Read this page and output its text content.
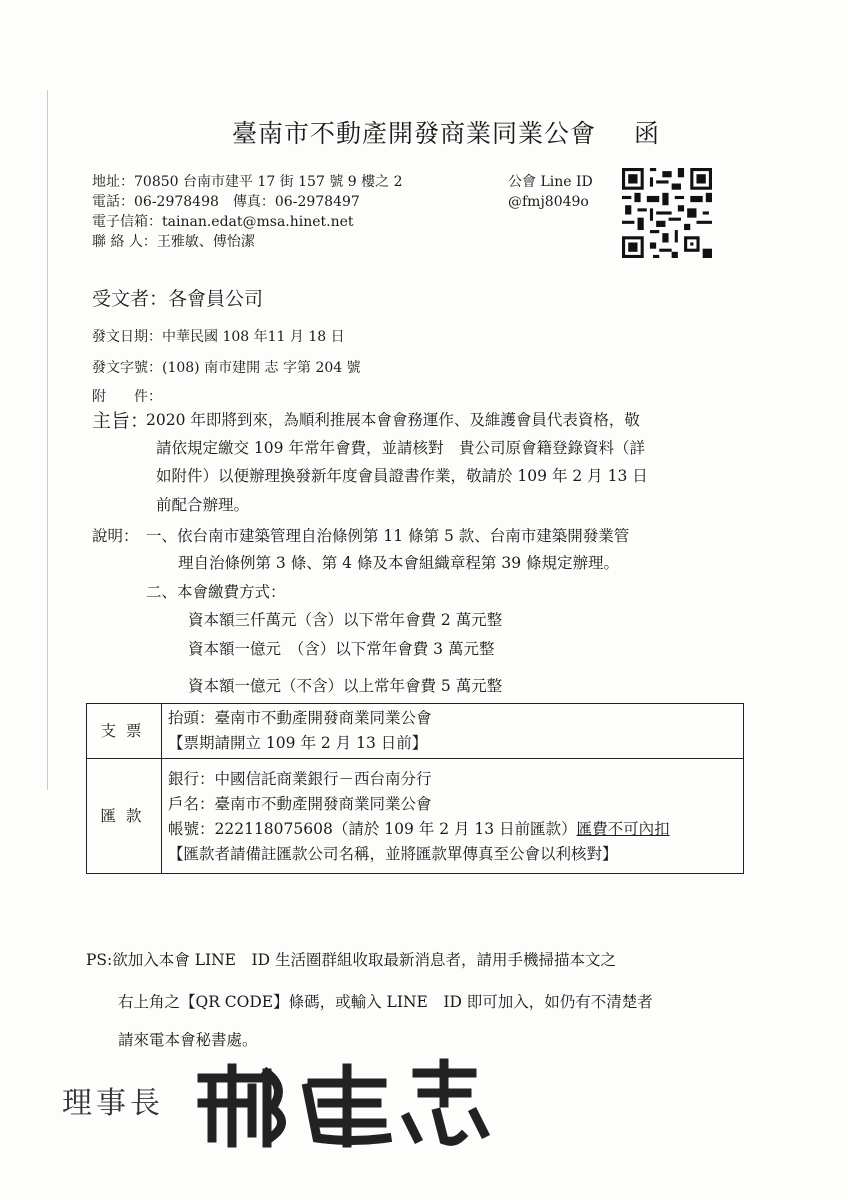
臺南市不動產開發商業同業公會 函
地址：70850 台南市建平 17 街 157 號 9 樓之 2
電話：06-2978498　傳真：06-2978497
電子信箱：tainan.edat@msa.hinet.net
聯 絡 人：王雅敏、傅怡潔
公會 Line ID
@fmj8049o
受文者：各會員公司
發文日期：中華民國 108 年11 月 18 日
發文字號：(108) 南市建開 志 字第 204 號
附　　件：
主旨：
2020 年即將到來，為順利推展本會會務運作、及維護會員代表資格，敬
請依規定繳交 109 年常年會費，並請核對　貴公司原會籍登錄資料（詳
如附件）以便辦理換發新年度會員證書作業，敬請於 109 年 2 月 13 日
前配合辦理。
說明： 一、依台南市建築管理自治條例第 11 條第 5 款、台南市建築開發業管
理自治條例第 3 條、第 4 條及本會組織章程第 39 條規定辦理。
二、本會繳費方式：
資本額三仟萬元（含）以下常年會費 2 萬元整
資本額一億元　（含）以下常年會費 3 萬元整
資本額一億元（不含）以上常年會費 5 萬元整
支票	抬頭：臺南市不動產開發商業同業公會
【票期請開立 109 年 2 月 13 日前】

匯款	銀行：中國信託商業銀行－西台南分行
戶名：臺南市不動產開發商業同業公會
帳號：222118075608（請於 109 年 2 月 13 日前匯款）匯費不可內扣
【匯款者請備註匯款公司名稱，並將匯款單傳真至公會以利核對】
PS:欲加入本會 LINE　ID 生活圈群組收取最新消息者，請用手機掃描本文之
右上角之【QR CODE】條碼，或輸入 LINE　ID 即可加入，如仍有不清楚者
請來電本會秘書處。
理事長
